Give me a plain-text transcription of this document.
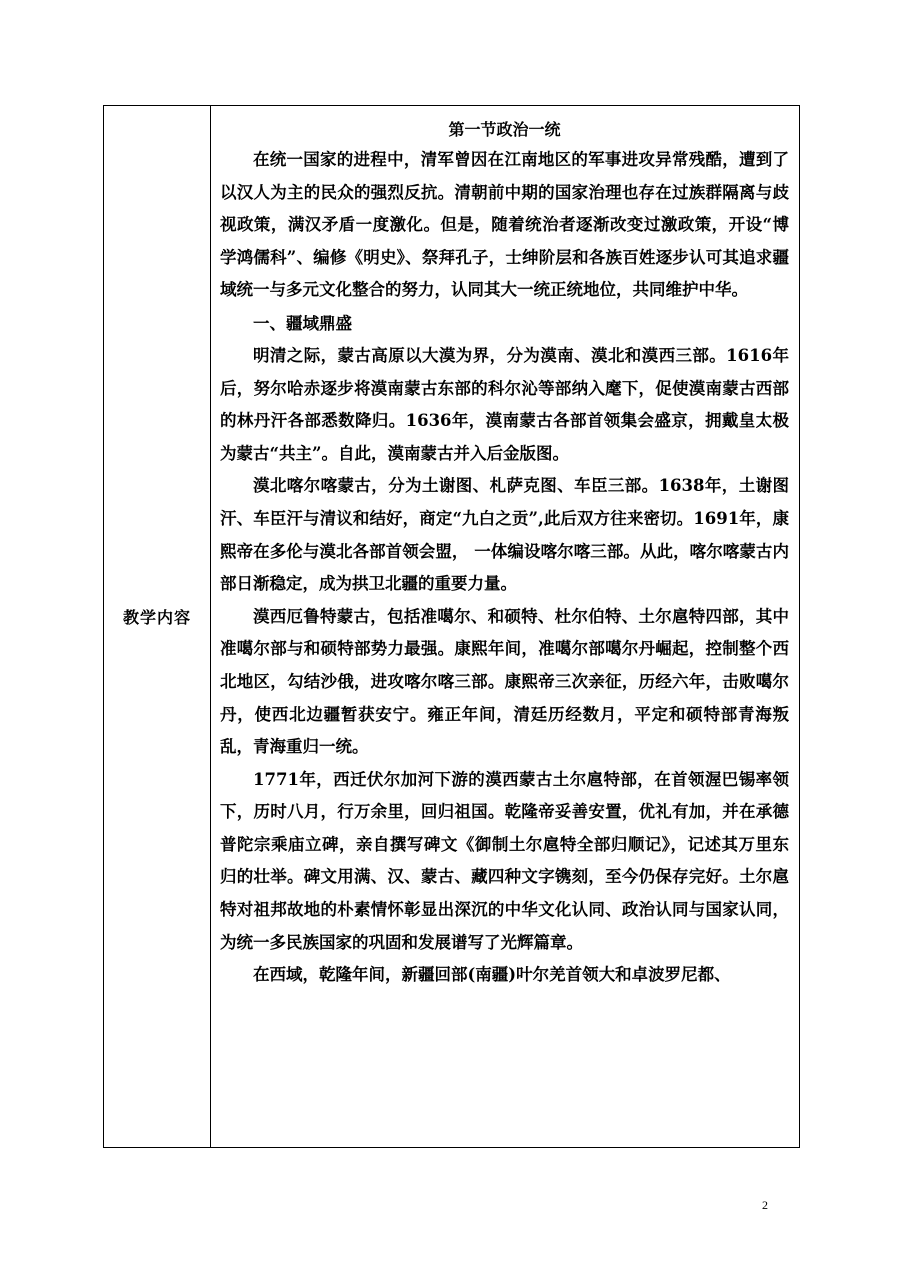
教学内容
第一节政治一统

在统一国家的进程中，清军曾因在江南地区的军事进攻异常残酷，遭到了以汉人为主的民众的强烈反抗。清朝前中期的国家治理也存在过族群隔离与歧视政策，满汉矛盾一度激化。但是，随着统治者逐渐改变过激政策，开设“博学鸿儒科”、编修《明史》、祭拜孔子，士绅阶层和各族百姓逐步认可其追求疆域统一与多元文化整合的努力，认同其大一统正统地位，共同维护中华。

一、疆域鼎盛

明清之际，蒙古高原以大漠为界，分为漠南、漠北和漠西三部。1616年后，努尔哈赤逐步将漠南蒙古东部的科尔沁等部纳入麾下，促使漠南蒙古西部的林丹汗各部悉数降归。1636年，漠南蒙古各部首领集会盛京，拥戴皇太极为蒙古“共主”。自此，漠南蒙古并入后金版图。

漠北喀尔喀蒙古，分为土谢图、札萨克图、车臣三部。1638年，土谢图汗、车臣汗与清议和结好，商定“九白之贡”,此后双方往来密切。1691年，康熙帝在多伦与漠北各部首领会盟， 一体编设喀尔喀三部。从此，喀尔喀蒙古内部日渐稳定，成为拱卫北疆的重要力量。

漠西厄鲁特蒙古，包括准噶尔、和硕特、杜尔伯特、土尔扈特四部，其中准噶尔部与和硕特部势力最强。康熙年间，准噶尔部噶尔丹崛起，控制整个西北地区，勾结沙俄，进攻喀尔喀三部。康熙帝三次亲征，历经六年，击败噶尔丹，使西北边疆暂获安宁。雍正年间，清廷历经数月，平定和硕特部青海叛乱，青海重归一统。

1771年，西迁伏尔加河下游的漠西蒙古土尔扈特部，在首领渥巴锡率领下，历时八月，行万余里，回归祖国。乾隆帝妥善安置，优礼有加，并在承德普陀宗乘庙立碑，亲自撰写碑文《御制土尔扈特全部归顺记》，记述其万里东归的壮举。碑文用满、汉、蒙古、藏四种文字镌刻，至今仍保存完好。土尔扈特对祖邦故地的朴素情怀彰显出深沉的中华文化认同、政治认同与国家认同，为统一多民族国家的巩固和发展谱写了光辉篇章。

在西域，乾隆年间，新疆回部(南疆)叶尔羌首领大和卓波罗尼都、

2
